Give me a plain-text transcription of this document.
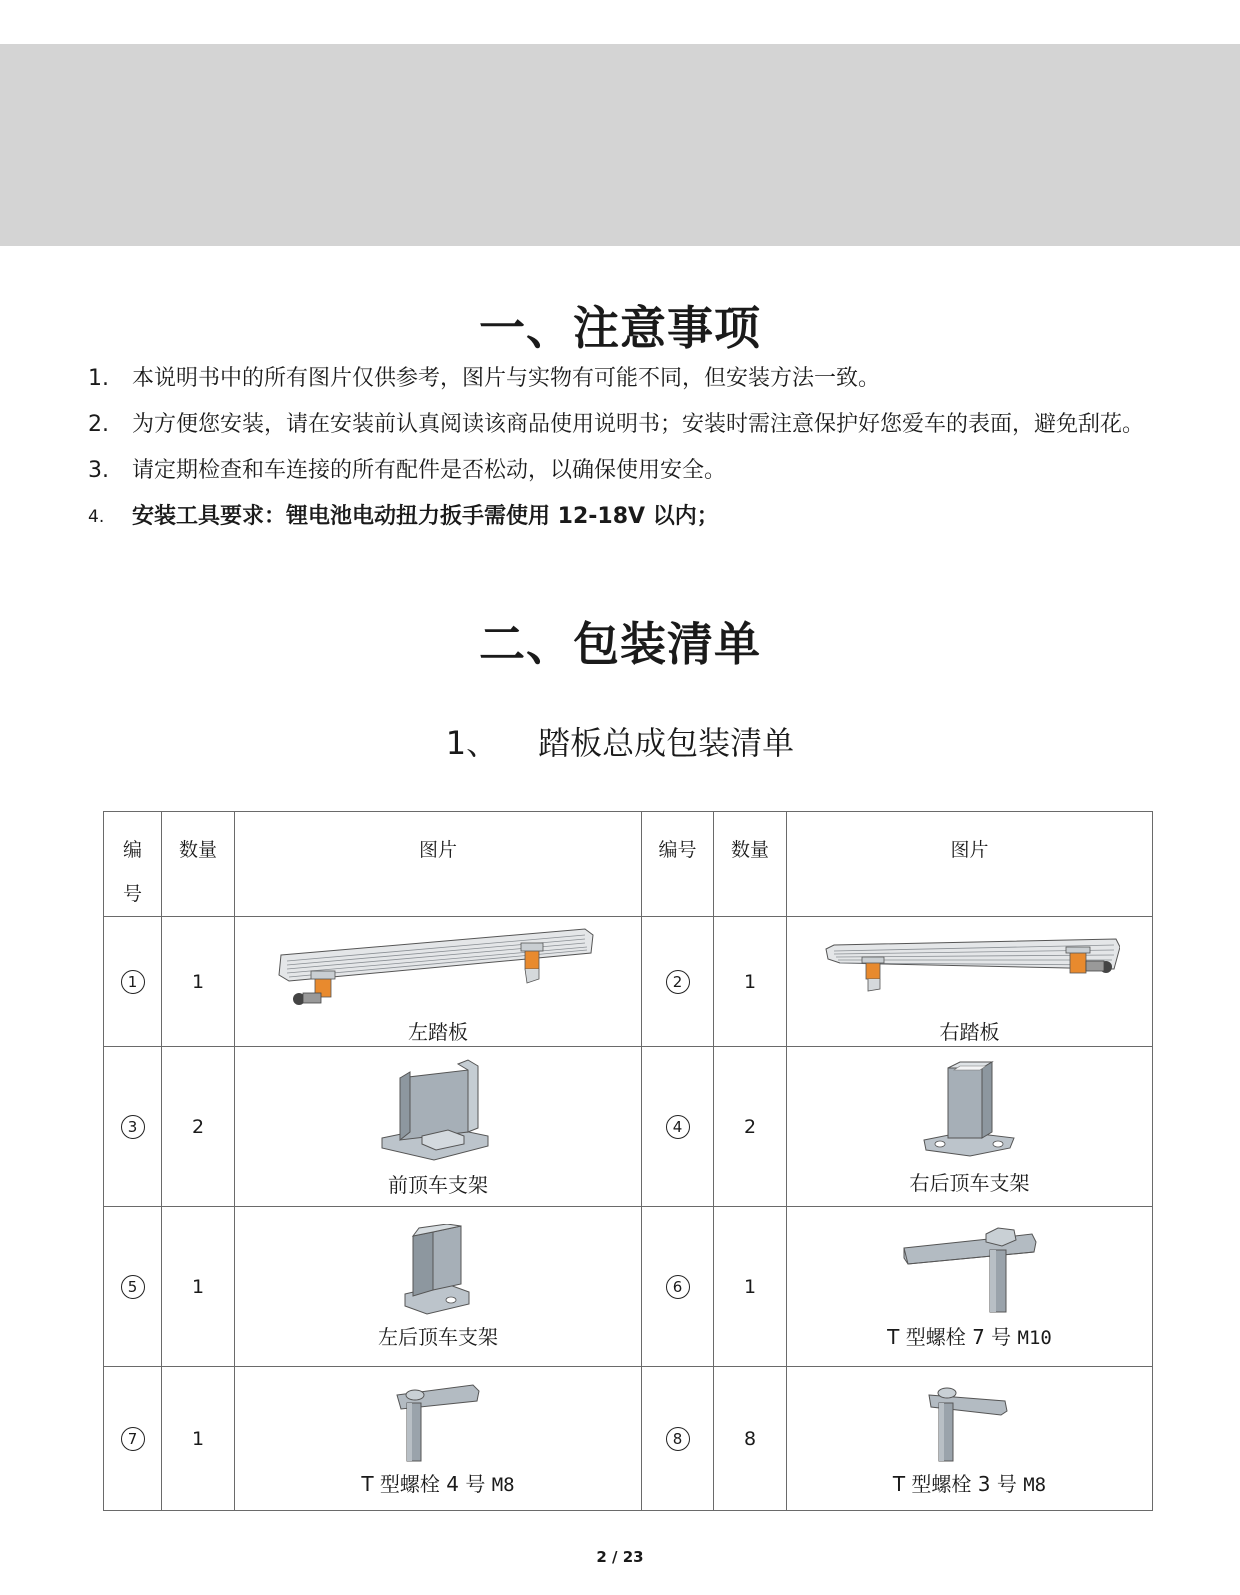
一、注意事项
1. 本说明书中的所有图片仅供参考，图片与实物有可能不同，但安装方法一致。
2. 为方便您安装，请在安装前认真阅读该商品使用说明书；安装时需注意保护好您爱车的表面，避免刮花。
3. 请定期检查和车连接的所有配件是否松动，以确保使用安全。
4. 安装工具要求：锂电池电动扭力扳手需使用 12-18V 以内；
二、包装清单
1、 踏板总成包装清单
编号	数量	图片	编号	数量	图片
1	1	左踏板	2	1	右踏板

3	2	前顶车支架	4	2	右后顶车支架

5	1	左后顶车支架	6	1	T 型螺栓 7 号 M10

7	1	T 型螺栓 4 号 M8	8	8	T 型螺栓 3 号 M8
2 / 23
